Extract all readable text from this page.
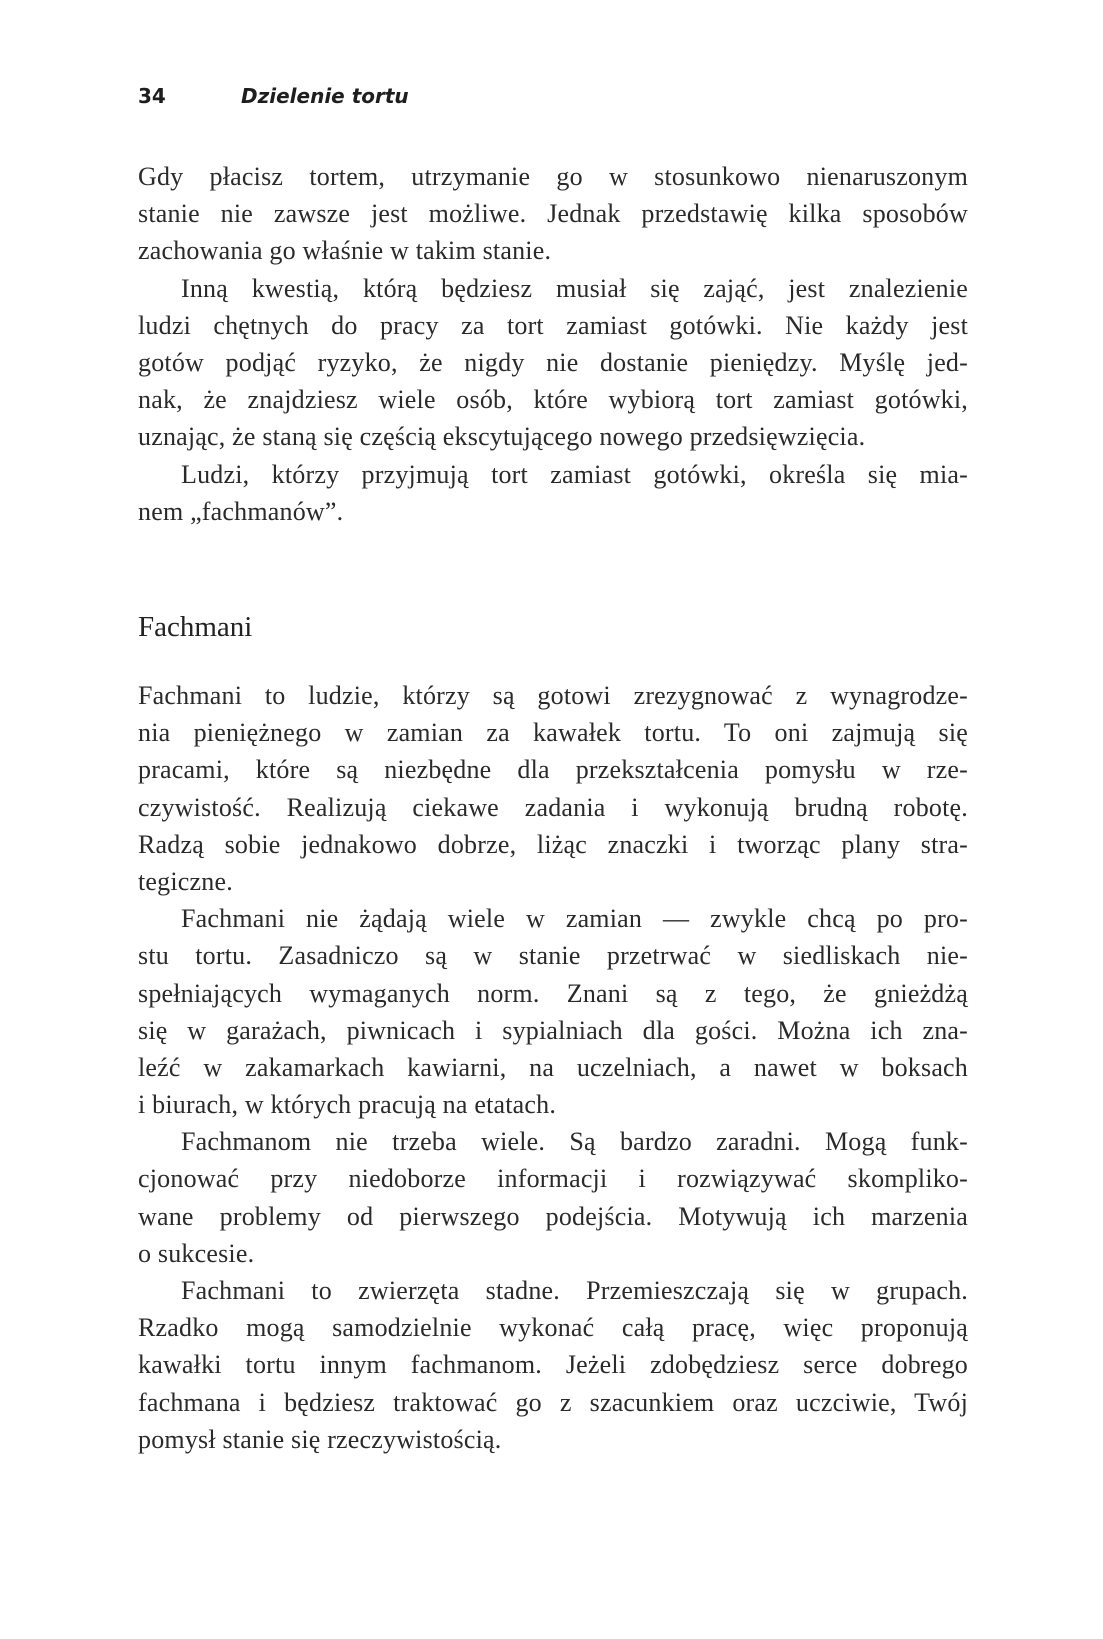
34	Dzielenie tortu
Gdy płacisz tortem, utrzymanie go w stosunkowo nienaruszonym
stanie nie zawsze jest możliwe. Jednak przedstawię kilka sposobów
zachowania go właśnie w takim stanie.
Inną kwestią, którą będziesz musiał się zająć, jest znalezienie
ludzi chętnych do pracy za tort zamiast gotówki. Nie każdy jest
gotów podjąć ryzyko, że nigdy nie dostanie pieniędzy. Myślę jed-
nak, że znajdziesz wiele osób, które wybiorą tort zamiast gotówki,
uznając, że staną się częścią ekscytującego nowego przedsięwzięcia.
Ludzi, którzy przyjmują tort zamiast gotówki, określa się mia-
nem „fachmanów”.
Fachmani
Fachmani to ludzie, którzy są gotowi zrezygnować z wynagrodze-
nia pieniężnego w zamian za kawałek tortu. To oni zajmują się
pracami, które są niezbędne dla przekształcenia pomysłu w rze-
czywistość. Realizują ciekawe zadania i wykonują brudną robotę.
Radzą sobie jednakowo dobrze, liżąc znaczki i tworząc plany stra-
tegiczne.
Fachmani nie żądają wiele w zamian — zwykle chcą po pro-
stu tortu. Zasadniczo są w stanie przetrwać w siedliskach nie-
spełniających wymaganych norm. Znani są z tego, że gnieżdżą
się w garażach, piwnicach i sypialniach dla gości. Można ich zna-
leźć w zakamarkach kawiarni, na uczelniach, a nawet w boksach
i biurach, w których pracują na etatach.
Fachmanom nie trzeba wiele. Są bardzo zaradni. Mogą funk-
cjonować przy niedoborze informacji i rozwiązywać skompliko-
wane problemy od pierwszego podejścia. Motywują ich marzenia
o sukcesie.
Fachmani to zwierzęta stadne. Przemieszczają się w grupach.
Rzadko mogą samodzielnie wykonać całą pracę, więc proponują
kawałki tortu innym fachmanom. Jeżeli zdobędziesz serce dobrego
fachmana i będziesz traktować go z szacunkiem oraz uczciwie, Twój
pomysł stanie się rzeczywistością.
